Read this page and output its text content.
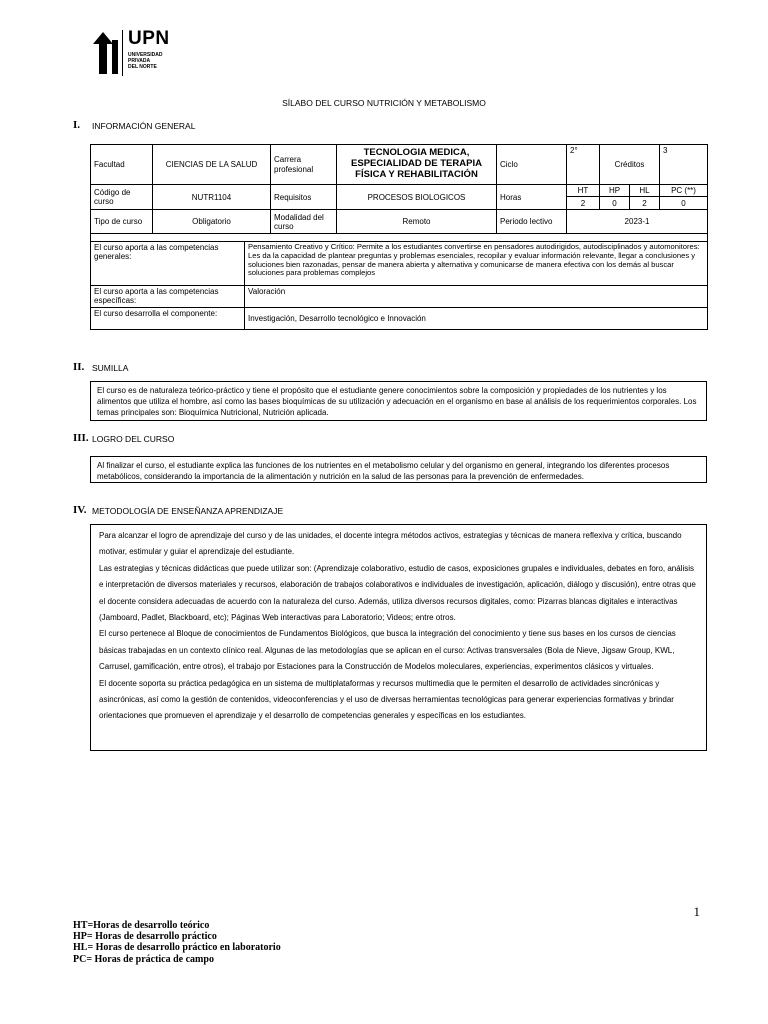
UPN
UNIVERSIDAD
PRIVADA
DEL NORTE
SÍLABO DEL CURSO NUTRICIÓN Y METABOLISMO
I. INFORMACIÓN GENERAL
Facultad	CIENCIAS DE LA SALUD		Carrera profesional	TECNOLOGIA MEDICA, ESPECIALIDAD DE TERAPIA FÍSICA Y REHABILITACIÓN	Ciclo	2°	Créditos		3
Código de curso	NUTR1104		Requisitos	PROCESOS BIOLOGICOS	Horas	HT	HP	HL	PC (**)
						2	0	2	0
Tipo de curso	Obligatorio		Modalidad del curso	Remoto	Periodo lectivo	2023-1			

El curso aporta a las competencias generales:		Pensamiento Creativo y Crítico: Permite a los estudiantes convertirse en pensadores autodirigidos, autodisciplinados y automonitores: Les da la capacidad de plantear preguntas y problemas esenciales, recopilar y evaluar información relevante, llegar a conclusiones y soluciones bien razonadas, pensar de manera abierta y alternativa y comunicarse de manera efectiva con los demás al buscar soluciones para problemas complejos							
El curso aporta a las competencias específicas:		Valoración							
El curso desarrolla el componente:		Investigación, Desarrollo tecnológico e Innovación							
II. SUMILLA

El curso es de naturaleza teórico-práctico y tiene el propósito que el estudiante genere conocimientos sobre la composición y propiedades de los nutrientes y los alimentos que utiliza el hombre, así como las bases bioquímicas de su utilización y adecuación en el organismo en base al análisis de los requerimientos corporales. Los temas principales son: Bioquímica Nutricional, Nutrición aplicada.

III. LOGRO DEL CURSO

Al finalizar el curso, el estudiante explica las funciones de los nutrientes en el metabolismo celular y del organismo en general, integrando los diferentes procesos metabólicos, considerando la importancia de la alimentación y nutrición en la salud de las personas para la prevención de enfermedades.

IV. METODOLOGÍA DE ENSEÑANZA APRENDIZAJE

Para alcanzar el logro de aprendizaje del curso y de las unidades, el docente integra métodos activos, estrategias y técnicas de manera reflexiva y crítica, buscando motivar, estimular y guiar el aprendizaje del estudiante.

Las estrategias y técnicas didácticas que puede utilizar son: (Aprendizaje colaborativo, estudio de casos, exposiciones grupales e individuales, debates en foro, análisis e interpretación de diversos materiales y recursos, elaboración de trabajos colaborativos e individuales de investigación, aplicación, diálogo y discusión), entre otras que el docente considera adecuadas de acuerdo con la naturaleza del curso. Además, utiliza diversos recursos digitales, como: Pizarras blancas digitales e interactivas (Jamboard, Padlet, Blackboard, etc); Páginas Web interactivas para Laboratorio; Videos; entre otros.

El curso pertenece al Bloque de conocimientos de Fundamentos Biológicos, que busca la integración del conocimiento y tiene sus bases en los cursos de ciencias básicas trabajadas en un contexto clínico real. Algunas de las metodologías que se aplican en el curso: Activas transversales (Bola de Nieve, Jigsaw Group, KWL, Carrusel, gamificación, entre otros), el trabajo por Estaciones para la Construcción de Modelos moleculares, experiencias, experimentos clásicos y virtuales.

El docente soporta su práctica pedagógica en un sistema de multiplataformas y recursos multimedia que le permiten el desarrollo de actividades sincrónicas y asincrónicas, así como la gestión de contenidos, videoconferencias y el uso de diversas herramientas tecnológicas para generar experiencias formativas y brindar orientaciones que promueven el aprendizaje y el desarrollo de competencias generales y específicas en los estudiantes.

1
HT=Horas de desarrollo teórico
HP= Horas de desarrollo práctico
HL= Horas de desarrollo práctico en laboratorio
PC= Horas de práctica de campo
